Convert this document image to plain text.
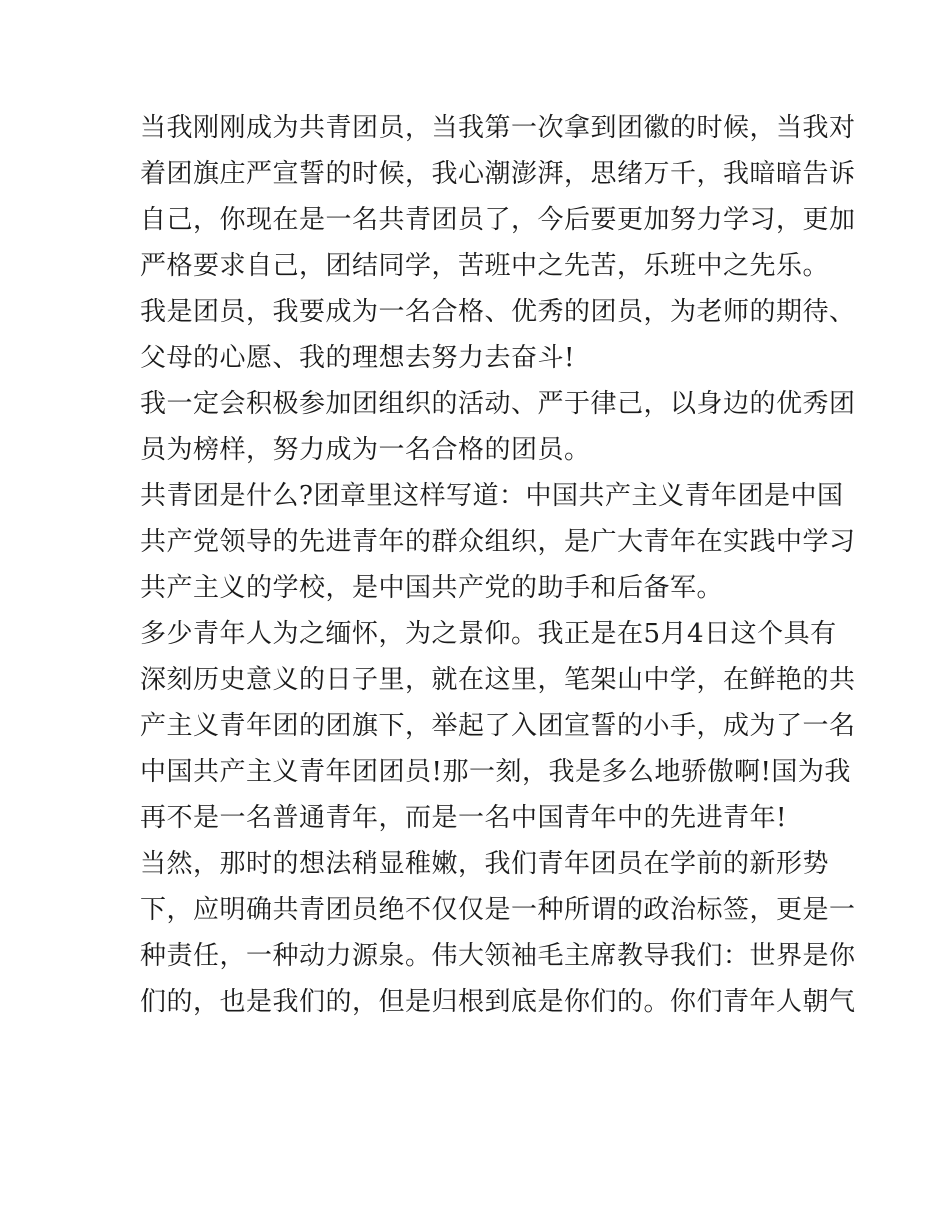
当我刚刚成为共青团员，当我第一次拿到团徽的时候，当我对
着团旗庄严宣誓的时候，我心潮澎湃，思绪万千，我暗暗告诉
自己，你现在是一名共青团员了，今后要更加努力学习，更加
严格要求自己，团结同学，苦班中之先苦，乐班中之先乐。
我是团员，我要成为一名合格、优秀的团员，为老师的期待、
父母的心愿、我的理想去努力去奋斗!
我一定会积极参加团组织的活动、严于律己，以身边的优秀团
员为榜样，努力成为一名合格的团员。
共青团是什么?团章里这样写道：中国共产主义青年团是中国
共产党领导的先进青年的群众组织，是广大青年在实践中学习
共产主义的学校，是中国共产党的助手和后备军。
多少青年人为之缅怀，为之景仰。我正是在5月4日这个具有
深刻历史意义的日子里，就在这里，笔架山中学，在鲜艳的共
产主义青年团的团旗下，举起了入团宣誓的小手，成为了一名
中国共产主义青年团团员!那一刻，我是多么地骄傲啊!国为我
再不是一名普通青年，而是一名中国青年中的先进青年!
当然，那时的想法稍显稚嫩，我们青年团员在学前的新形势
下，应明确共青团员绝不仅仅是一种所谓的政治标签，更是一
种责任，一种动力源泉。伟大领袖毛主席教导我们：世界是你
们的，也是我们的，但是归根到底是你们的。你们青年人朝气
